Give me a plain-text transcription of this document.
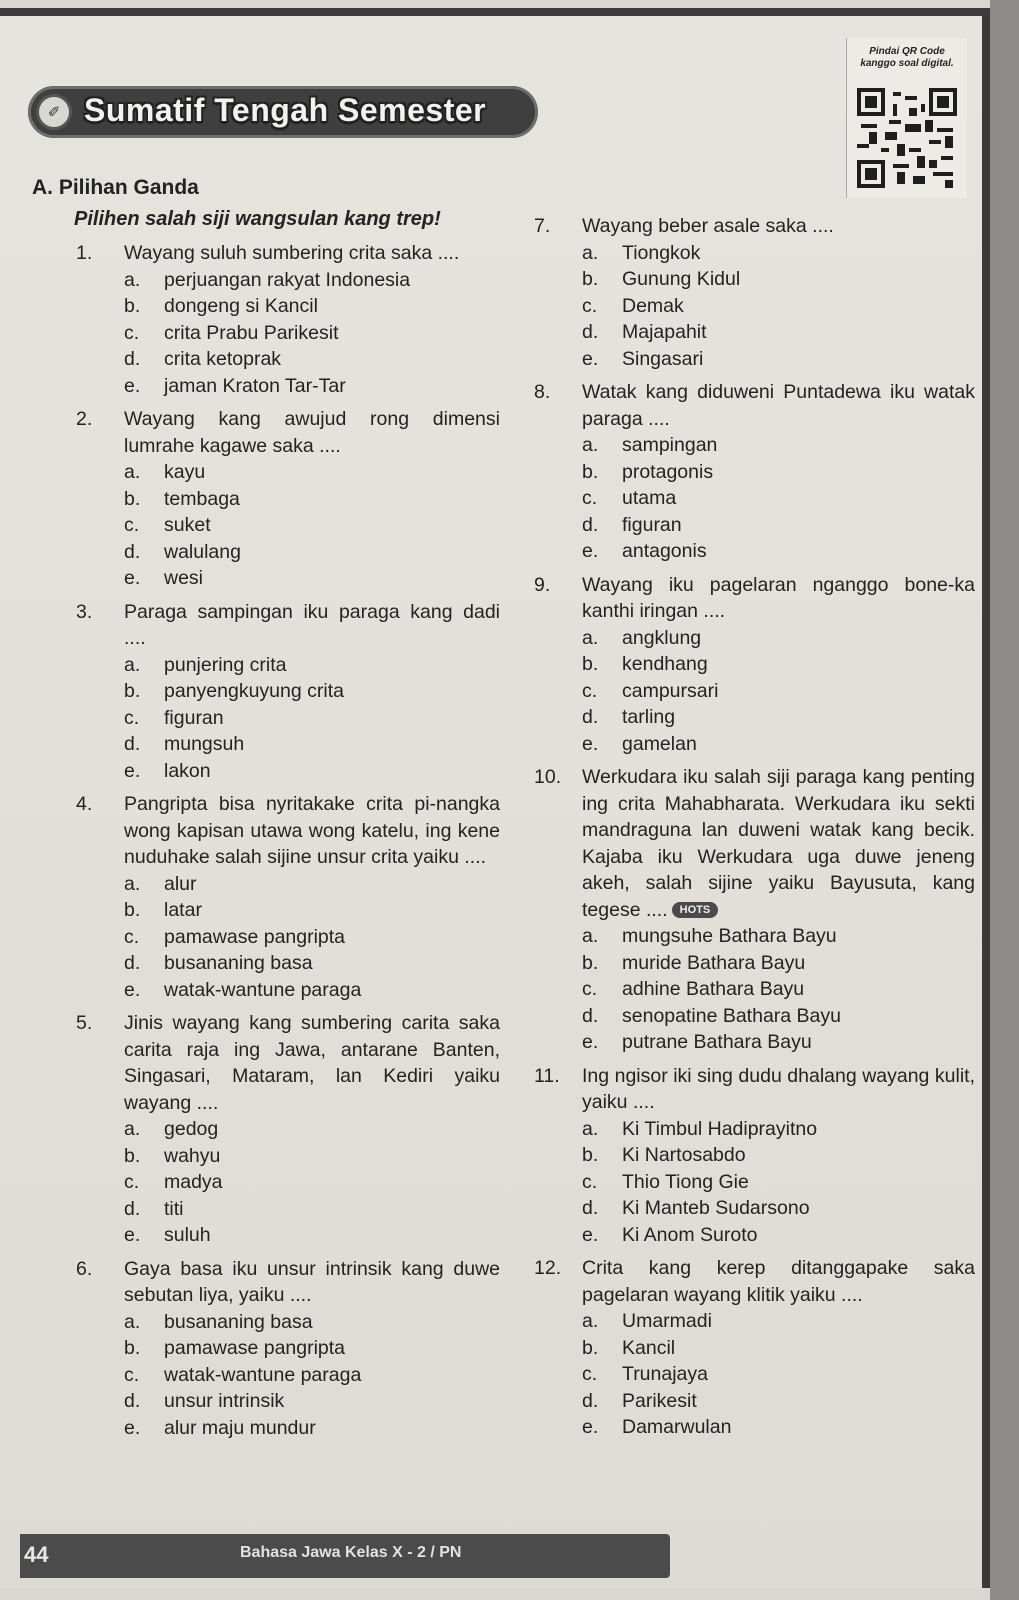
✐ Sumatif Tengah Semester
Pindai QR Code
kanggo soal digital.
A. Pilihan Ganda
Pilihen salah siji wangsulan kang trep!
1.	Wayang suluh sumbering crita saka ....
a.	perjuangan rakyat Indonesia
b.	dongeng si Kancil
c.	crita Prabu Parikesit
d.	crita ketoprak
e.	jaman Kraton Tar-Tar
2.	Wayang kang awujud rong dimensi lumrahe kagawe saka ....
a.	kayu
b.	tembaga
c.	suket
d.	walulang
e.	wesi
3.	Paraga sampingan iku paraga kang dadi ....
a.	punjering crita
b.	panyengkuyung crita
c.	figuran
d.	mungsuh
e.	lakon
4.	Pangripta bisa nyritakake crita pi-nangka wong kapisan utawa wong katelu, ing kene nuduhake salah sijine unsur crita yaiku ....
a.	alur
b.	latar
c.	pamawase pangripta
d.	busananing basa
e.	watak-wantune paraga
5.	Jinis wayang kang sumbering carita saka carita raja ing Jawa, antarane Banten, Singasari, Mataram, lan Kediri yaiku wayang ....
a.	gedog
b.	wahyu
c.	madya
d.	titi
e.	suluh
6.	Gaya basa iku unsur intrinsik kang duwe sebutan liya, yaiku ....
a.	busananing basa
b.	pamawase pangripta
c.	watak-wantune paraga
d.	unsur intrinsik
e.	alur maju mundur
7.	Wayang beber asale saka ....
a.	Tiongkok
b.	Gunung Kidul
c.	Demak
d.	Majapahit
e.	Singasari
8.	Watak kang diduweni Puntadewa iku watak paraga ....
a.	sampingan
b.	protagonis
c.	utama
d.	figuran
e.	antagonis
9.	Wayang iku pagelaran nganggo bone-ka kanthi iringan ....
a.	angklung
b.	kendhang
c.	campursari
d.	tarling
e.	gamelan
10.	Werkudara iku salah siji paraga kang penting ing crita Mahabharata. Werkudara iku sekti mandraguna lan duweni watak kang becik. Kajaba iku Werkudara uga duwe jeneng akeh, salah sijine yaiku Bayusuta, kang tegese .... HOTS
a.	mungsuhe Bathara Bayu
b.	muride Bathara Bayu
c.	adhine Bathara Bayu
d.	senopatine Bathara Bayu
e.	putrane Bathara Bayu
11.	Ing ngisor iki sing dudu dhalang wayang kulit, yaiku ....
a.	Ki Timbul Hadiprayitno
b.	Ki Nartosabdo
c.	Thio Tiong Gie
d.	Ki Manteb Sudarsono
e.	Ki Anom Suroto
12.	Crita kang kerep ditanggapake saka pagelaran wayang klitik yaiku ....
a.	Umarmadi
b.	Kancil
c.	Trunajaya
d.	Parikesit
e.	Damarwulan
44	Bahasa Jawa Kelas X - 2 / PN
